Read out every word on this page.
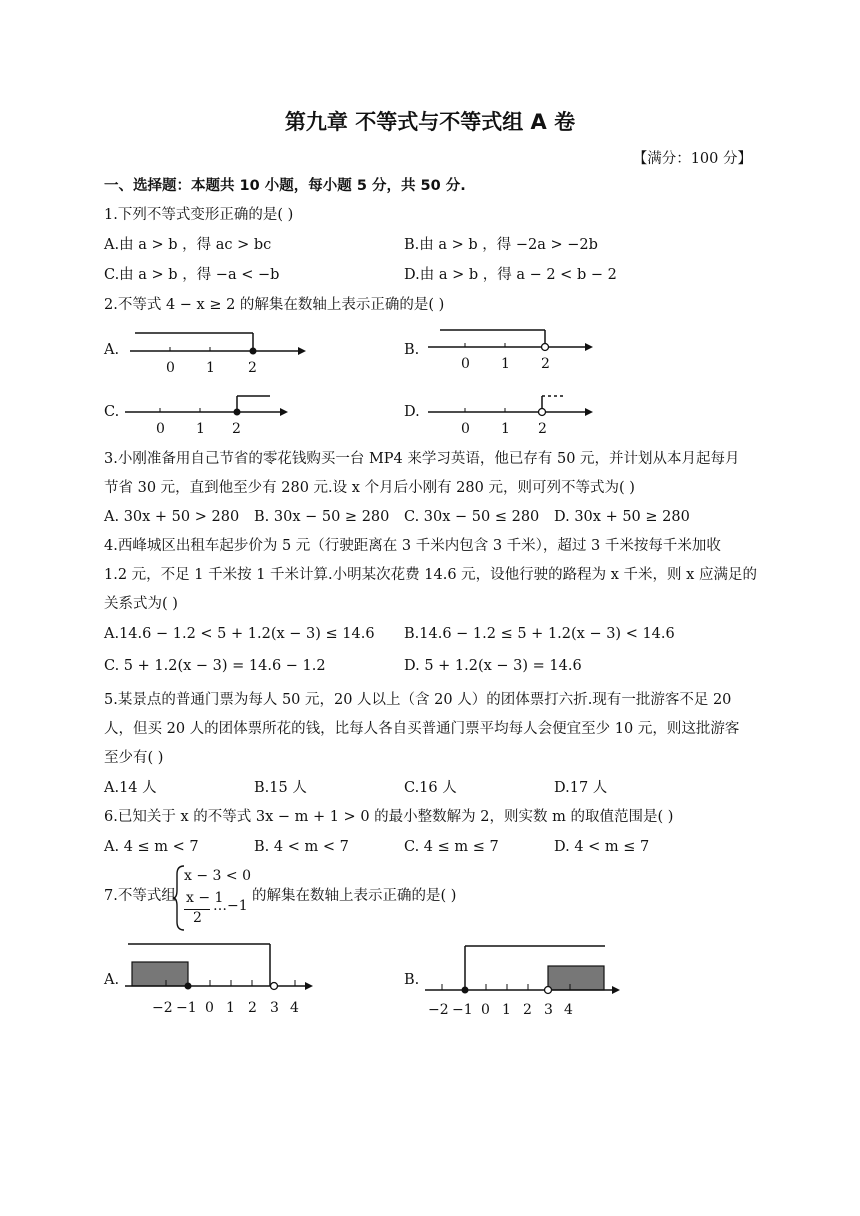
第九章 不等式与不等式组 A 卷
【满分：100 分】
一、选择题：本题共 10 小题，每小题 5 分，共 50 分.
1.下列不等式变形正确的是( )
A.由 a > b ，得 ac > bc	B.由 a > b ，得 −2a > −2b
C.由 a > b ，得 −a < −b	D.由 a > b ，得 a − 2 < b − 2
2.不等式 4 − x ≥ 2 的解集在数轴上表示正确的是( )
A.
0 1 2
B.
0 1 2
C.
0 1 2
D.
0 1 2
3.小刚准备用自己节省的零花钱购买一台 MP4 来学习英语，他已存有 50 元，并计划从本月起每月
节省 30 元，直到他至少有 280 元.设 x 个月后小刚有 280 元，则可列不等式为( )
A. 30x + 50 > 280 B. 30x − 50 ≥ 280 C. 30x − 50 ≤ 280 D. 30x + 50 ≥ 280
4.西峰城区出租车起步价为 5 元（行驶距离在 3 千米内包含 3 千米），超过 3 千米按每千米加收
1.2 元，不足 1 千米按 1 千米计算.小明某次花费 14.6 元，设他行驶的路程为 x 千米，则 x 应满足的
关系式为( )
A.14.6 − 1.2 < 5 + 1.2(x − 3) ≤ 14.6 B.14.6 − 1.2 ≤ 5 + 1.2(x − 3) < 14.6
C. 5 + 1.2(x − 3) = 14.6 − 1.2	D. 5 + 1.2(x − 3) = 14.6
5.某景点的普通门票为每人 50 元，20 人以上（含 20 人）的团体票打六折.现有一批游客不足 20
人，但买 20 人的团体票所花的钱，比每人各自买普通门票平均每人会便宜至少 10 元，则这批游客
至少有( )
A.14 人	B.15 人	C.16 人	D.17 人
6.已知关于 x 的不等式 3x − m + 1 > 0 的最小整数解为 2，则实数 m 的取值范围是( )
A. 4 ≤ m < 7	B. 4 < m < 7	C. 4 ≤ m ≤ 7	D. 4 < m ≤ 7
7.不等式组
x − 3 < 0
x − 1
2
…−1
的解集在数轴上表示正确的是( )
A.
−2 −1 0 1 2 3 4
B.
−2 −1 0 1 2 3 4
